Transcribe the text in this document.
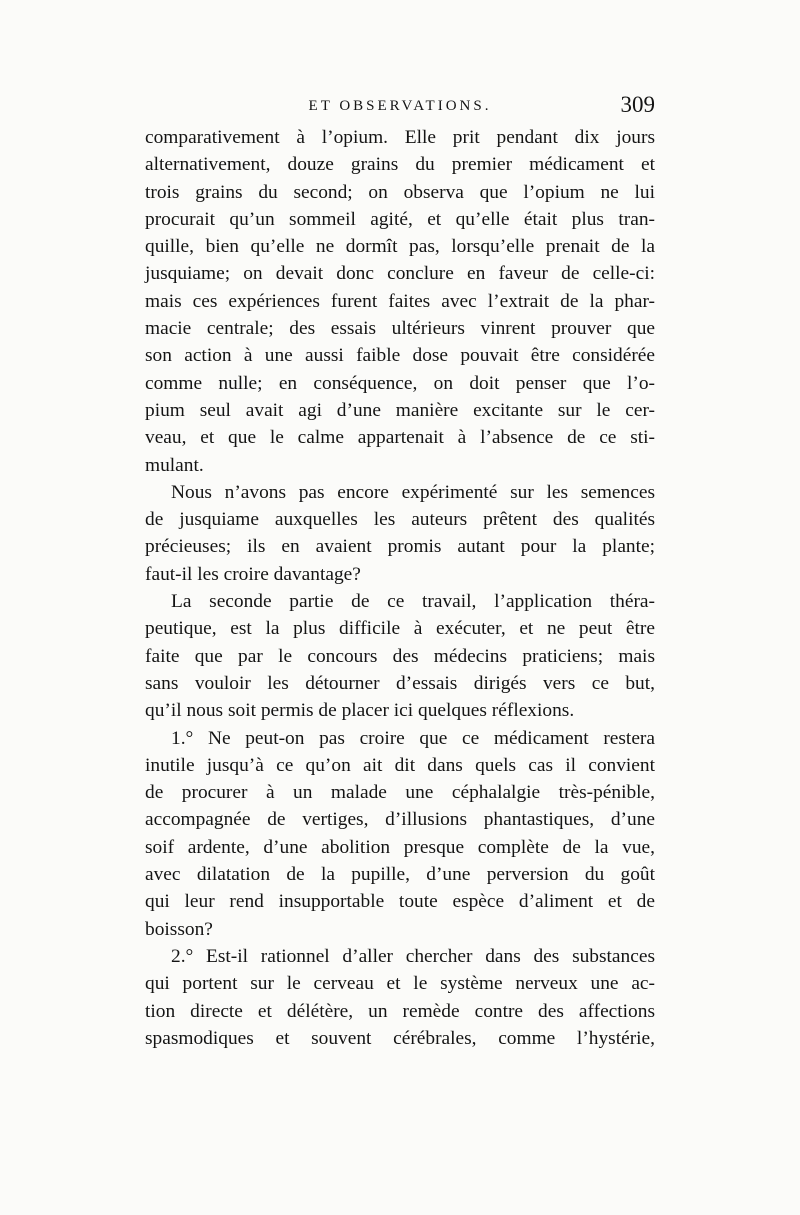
ET OBSERVATIONS.	309
comparativement à l’opium. Elle prit pendant dix jours
alternativement, douze grains du premier médicament et
trois grains du second; on observa que l’opium ne lui
procurait qu’un sommeil agité, et qu’elle était plus tran-
quille, bien qu’elle ne dormît pas, lorsqu’elle prenait de la
jusquiame; on devait donc conclure en faveur de celle-ci:
mais ces expériences furent faites avec l’extrait de la phar-
macie centrale; des essais ultérieurs vinrent prouver que
son action à une aussi faible dose pouvait être considérée
comme nulle; en conséquence, on doit penser que l’o-
pium seul avait agi d’une manière excitante sur le cer-
veau, et que le calme appartenait à l’absence de ce sti-
mulant.
Nous n’avons pas encore expérimenté sur les semences
de jusquiame auxquelles les auteurs prêtent des qualités
précieuses; ils en avaient promis autant pour la plante;
faut-il les croire davantage?
La seconde partie de ce travail, l’application théra-
peutique, est la plus difficile à exécuter, et ne peut être
faite que par le concours des médecins praticiens; mais
sans vouloir les détourner d’essais dirigés vers ce but,
qu’il nous soit permis de placer ici quelques réflexions.
1.° Ne peut-on pas croire que ce médicament restera
inutile jusqu’à ce qu’on ait dit dans quels cas il convient
de procurer à un malade une céphalalgie très-pénible,
accompagnée de vertiges, d’illusions phantastiques, d’une
soif ardente, d’une abolition presque complète de la vue,
avec dilatation de la pupille, d’une perversion du goût
qui leur rend insupportable toute espèce d’aliment et de
boisson?
2.° Est-il rationnel d’aller chercher dans des substances
qui portent sur le cerveau et le système nerveux une ac-
tion directe et délétère, un remède contre des affections
spasmodiques et souvent cérébrales, comme l’hystérie,
